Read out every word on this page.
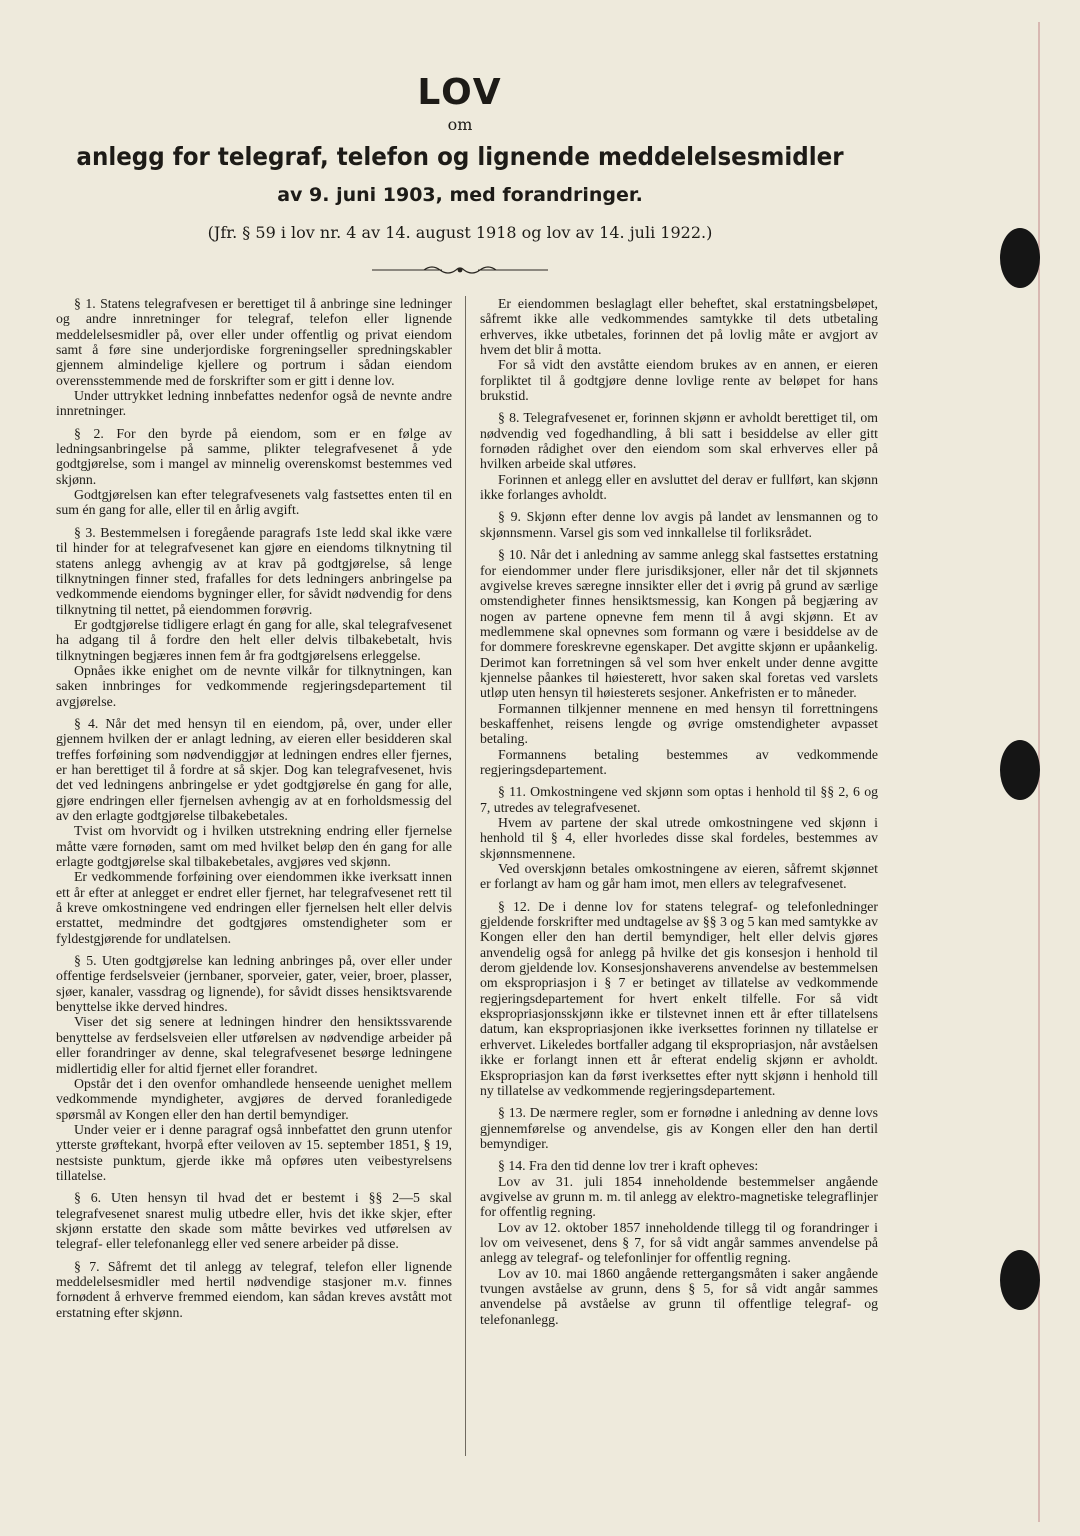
LOV
om
anlegg for telegraf, telefon og lignende meddelelsesmidler
av 9. juni 1903, med forandringer.
(Jfr. § 59 i lov nr. 4 av 14. august 1918 og lov av 14. juli 1922.)

§ 1. Statens telegrafvesen er berettiget til å anbringe sine ledninger og andre innretninger for telegraf, telefon eller lignende meddelelsesmidler på, over eller under offentlig og privat eiendom samt å føre sine underjordiske forgreningseller spredningskabler gjennem almindelige kjellere og portrum i sådan eiendom overensstemmende med de forskrifter som er gitt i denne lov.

Under uttrykket ledning innbefattes nedenfor også de nevnte andre innretninger.

§ 2. For den byrde på eiendom, som er en følge av ledningsanbringelse på samme, plikter telegrafvesenet å yde godtgjørelse, som i mangel av minnelig overenskomst bestemmes ved skjønn.

Godtgjørelsen kan efter telegrafvesenets valg fastsettes enten til en sum én gang for alle, eller til en årlig avgift.

§ 3. Bestemmelsen i foregående paragrafs 1ste ledd skal ikke være til hinder for at telegrafvesenet kan gjøre en eiendoms tilknytning til statens anlegg avhengig av at krav på godtgjørelse, så lenge tilknytningen finner sted, frafalles for dets ledningers anbringelse pa vedkommende eiendoms bygninger eller, for såvidt nødvendig for dens tilknytning til nettet, på eiendommen forøvrig.

Er godtgjørelse tidligere erlagt én gang for alle, skal telegrafvesenet ha adgang til å fordre den helt eller delvis tilbakebetalt, hvis tilknytningen begjæres innen fem år fra godtgjørelsens erleggelse.

Opnåes ikke enighet om de nevnte vilkår for tilknytningen, kan saken innbringes for vedkommende regjeringsdepartement til avgjørelse.

§ 4. Når det med hensyn til en eiendom, på, over, under eller gjennem hvilken der er anlagt ledning, av eieren eller besidderen skal treffes forføining som nødvendiggjør at ledningen endres eller fjernes, er han berettiget til å fordre at så skjer. Dog kan telegrafvesenet, hvis det ved ledningens anbringelse er ydet godtgjørelse én gang for alle, gjøre endringen eller fjernelsen avhengig av at en forholdsmessig del av den erlagte godtgjørelse tilbakebetales.

Tvist om hvorvidt og i hvilken utstrekning endring eller fjernelse måtte være fornøden, samt om med hvilket beløp den én gang for alle erlagte godtgjørelse skal tilbakebetales, avgjøres ved skjønn.

Er vedkommende forføining over eiendommen ikke iverksatt innen ett år efter at anlegget er endret eller fjernet, har telegrafvesenet rett til å kreve omkostningene ved endringen eller fjernelsen helt eller delvis erstattet, medmindre det godtgjøres omstendigheter som er fyldestgjørende for undlatelsen.

§ 5. Uten godtgjørelse kan ledning anbringes på, over eller under offentige ferdselsveier (jernbaner, sporveier, gater, veier, broer, plasser, sjøer, kanaler, vassdrag og lignende), for såvidt disses hensiktsvarende benyttelse ikke derved hindres.

Viser det sig senere at ledningen hindrer den hensiktssvarende benyttelse av ferdselsveien eller utførelsen av nødvendige arbeider på eller forandringer av denne, skal telegrafvesenet besørge ledningene midlertidig eller for altid fjernet eller forandret.

Opstår det i den ovenfor omhandlede henseende uenighet mellem vedkommende myndigheter, avgjøres de derved foranledigede spørsmål av Kongen eller den han dertil bemyndiger.

Under veier er i denne paragraf også innbefattet den grunn utenfor ytterste grøftekant, hvorpå efter veiloven av 15. september 1851, § 19, nestsiste punktum, gjerde ikke må opføres uten veibestyrelsens tillatelse.

§ 6. Uten hensyn til hvad det er bestemt i §§ 2—5 skal telegrafvesenet snarest mulig utbedre eller, hvis det ikke skjer, efter skjønn erstatte den skade som måtte bevirkes ved utførelsen av telegraf- eller telefonanlegg eller ved senere arbeider på disse.

§ 7. Såfremt det til anlegg av telegraf, telefon eller lignende meddelelsesmidler med hertil nødvendige stasjoner m.v. finnes fornødent å erhverve fremmed eiendom, kan sådan kreves avstått mot erstatning efter skjønn.

Er eiendommen beslaglagt eller beheftet, skal erstatningsbeløpet, såfremt ikke alle vedkommendes samtykke til dets utbetaling erhverves, ikke utbetales, forinnen det på lovlig måte er avgjort av hvem det blir å motta.

For så vidt den avståtte eiendom brukes av en annen, er eieren forpliktet til å godtgjøre denne lovlige rente av beløpet for hans brukstid.

§ 8. Telegrafvesenet er, forinnen skjønn er avholdt berettiget til, om nødvendig ved fogedhandling, å bli satt i besiddelse av eller gitt fornøden rådighet over den eiendom som skal erhverves eller på hvilken arbeide skal utføres.

Forinnen et anlegg eller en avsluttet del derav er fullført, kan skjønn ikke forlanges avholdt.

§ 9. Skjønn efter denne lov avgis på landet av lensmannen og to skjønnsmenn. Varsel gis som ved innkallelse til forliksrådet.

§ 10. Når det i anledning av samme anlegg skal fastsettes erstatning for eiendommer under flere jurisdiksjoner, eller når det til skjønnets avgivelse kreves særegne innsikter eller det i øvrig på grund av særlige omstendigheter finnes hensiktsmessig, kan Kongen på begjæring av nogen av partene opnevne fem menn til å avgi skjønn. Et av medlemmene skal opnevnes som formann og være i besiddelse av de for dommere foreskrevne egenskaper. Det avgitte skjønn er upåankelig. Derimot kan forretningen så vel som hver enkelt under denne avgitte kjennelse påankes til høiesterett, hvor saken skal foretas ved varslets utløp uten hensyn til høiesterets sesjoner. Ankefristen er to måneder.

Formannen tilkjenner mennene en med hensyn til forrettningens beskaffenhet, reisens lengde og øvrige omstendigheter avpasset betaling.

Formannens betaling bestemmes av vedkommende regjeringsdepartement.

§ 11. Omkostningene ved skjønn som optas i henhold til §§ 2, 6 og 7, utredes av telegrafvesenet.

Hvem av partene der skal utrede omkostningene ved skjønn i henhold til § 4, eller hvorledes disse skal fordeles, bestemmes av skjønnsmennene.

Ved overskjønn betales omkostningene av eieren, såfremt skjønnet er forlangt av ham og går ham imot, men ellers av telegrafvesenet.

§ 12. De i denne lov for statens telegraf- og telefonledninger gjeldende forskrifter med undtagelse av §§ 3 og 5 kan med samtykke av Kongen eller den han dertil bemyndiger, helt eller delvis gjøres anvendelig også for anlegg på hvilke det gis konsesjon i henhold til derom gjeldende lov. Konsesjonshaverens anvendelse av bestemmelsen om ekspropriasjon i § 7 er betinget av tillatelse av vedkommende regjeringsdepartement for hvert enkelt tilfelle. For så vidt ekspropriasjonsskjønn ikke er tilstevnet innen ett år efter tillatelsens datum, kan ekspropriasjonen ikke iverksettes forinnen ny tillatelse er erhvervet. Likeledes bortfaller adgang til ekspropriasjon, når avståelsen ikke er forlangt innen ett år efterat endelig skjønn er avholdt. Ekspropriasjon kan da først iverksettes efter nytt skjønn i henhold till ny tillatelse av vedkommende regjeringsdepartement.

§ 13. De nærmere regler, som er fornødne i anledning av denne lovs gjennemførelse og anvendelse, gis av Kongen eller den han dertil bemyndiger.

§ 14. Fra den tid denne lov trer i kraft opheves:

Lov av 31. juli 1854 inneholdende bestemmelser angående avgivelse av grunn m. m. til anlegg av elektro-magnetiske telegraflinjer for offentlig regning.

Lov av 12. oktober 1857 inneholdende tillegg til og forandringer i lov om veivesenet, dens § 7, for så vidt angår sammes anvendelse på anlegg av telegraf- og telefonlinjer for offentlig regning.

Lov av 10. mai 1860 angående rettergangsmåten i saker angående tvungen avståelse av grunn, dens § 5, for så vidt angår sammes anvendelse på avståelse av grunn til offentlige telegraf- og telefonanlegg.
